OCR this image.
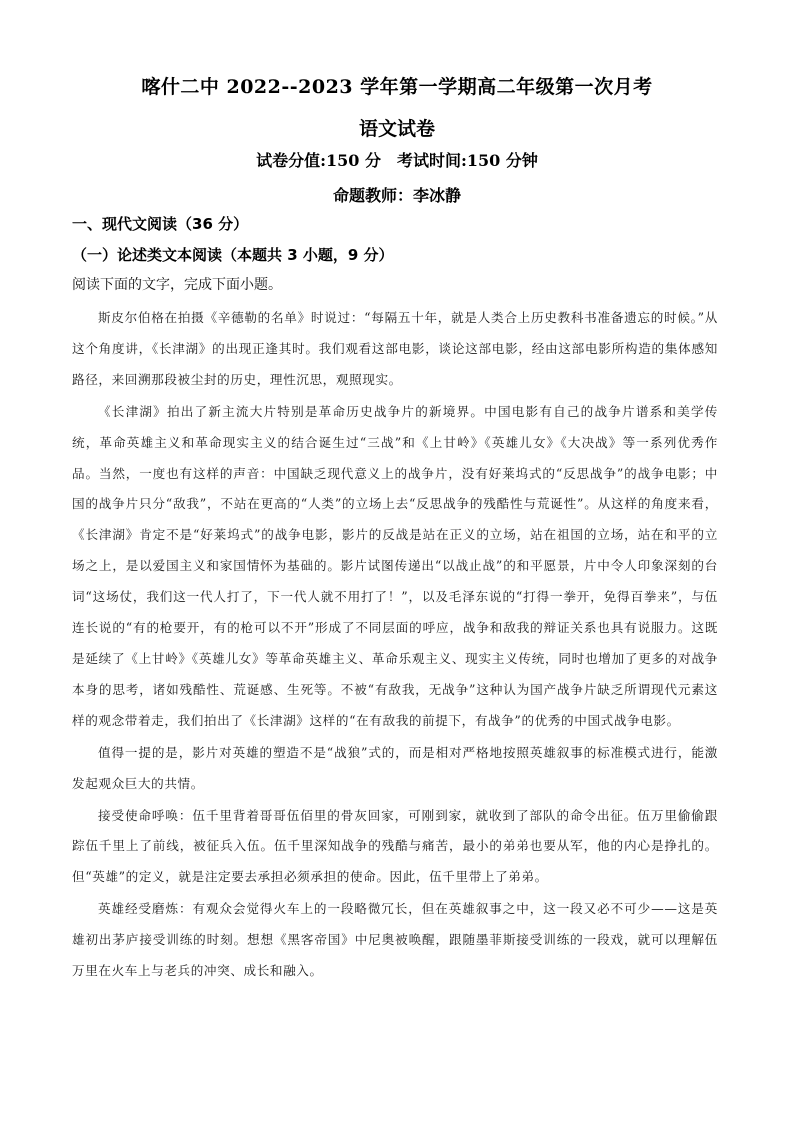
喀什二中 2022--2023 学年第一学期高二年级第一次月考
语文试卷
试卷分值:150 分　考试时间:150 分钟
命题教师：李冰静
一、现代文阅读（36 分）
（一）论述类文本阅读（本题共 3 小题，9 分）
阅读下面的文字，完成下面小题。

斯皮尔伯格在拍摄《辛德勒的名单》时说过：“每隔五十年，就是人类合上历史教科书准备遗忘的时候。”从这个角度讲，《长津湖》的出现正逢其时。我们观看这部电影，谈论这部电影，经由这部电影所构造的集体感知路径，来回溯那段被尘封的历史，理性沉思，观照现实。

《长津湖》拍出了新主流大片特别是革命历史战争片的新境界。中国电影有自己的战争片谱系和美学传统，革命英雄主义和革命现实主义的结合诞生过“三战”和《上甘岭》《英雄儿女》《大决战》等一系列优秀作品。当然，一度也有这样的声音：中国缺乏现代意义上的战争片，没有好莱坞式的“反思战争”的战争电影；中国的战争片只分“敌我”，不站在更高的“人类”的立场上去“反思战争的残酷性与荒诞性”。从这样的角度来看，《长津湖》肯定不是“好莱坞式”的战争电影，影片的反战是站在正义的立场，站在祖国的立场，站在和平的立场之上，是以爱国主义和家国情怀为基础的。影片试图传递出“以战止战”的和平愿景，片中令人印象深刻的台词“这场仗，我们这一代人打了，下一代人就不用打了！”，以及毛泽东说的“打得一拳开，免得百拳来”，与伍连长说的“有的枪要开，有的枪可以不开”形成了不同层面的呼应，战争和敌我的辩证关系也具有说服力。这既是延续了《上甘岭》《英雄儿女》等革命英雄主义、革命乐观主义、现实主义传统，同时也增加了更多的对战争本身的思考，诸如残酷性、荒诞感、生死等。不被“有敌我，无战争”这种认为国产战争片缺乏所谓现代元素这样的观念带着走，我们拍出了《长津湖》这样的“在有敌我的前提下，有战争”的优秀的中国式战争电影。

值得一提的是，影片对英雄的塑造不是“战狼”式的，而是相对严格地按照英雄叙事的标准模式进行，能激发起观众巨大的共情。

接受使命呼唤：伍千里背着哥哥伍佰里的骨灰回家，可刚到家，就收到了部队的命令出征。伍万里偷偷跟踪伍千里上了前线，被征兵入伍。伍千里深知战争的残酷与痛苦，最小的弟弟也要从军，他的内心是挣扎的。但“英雄”的定义，就是注定要去承担必须承担的使命。因此，伍千里带上了弟弟。

英雄经受磨炼：有观众会觉得火车上的一段略微冗长，但在英雄叙事之中，这一段又必不可少——这是英雄初出茅庐接受训练的时刻。想想《黑客帝国》中尼奥被唤醒，跟随墨菲斯接受训练的一段戏，就可以理解伍万里在火车上与老兵的冲突、成长和融入。
